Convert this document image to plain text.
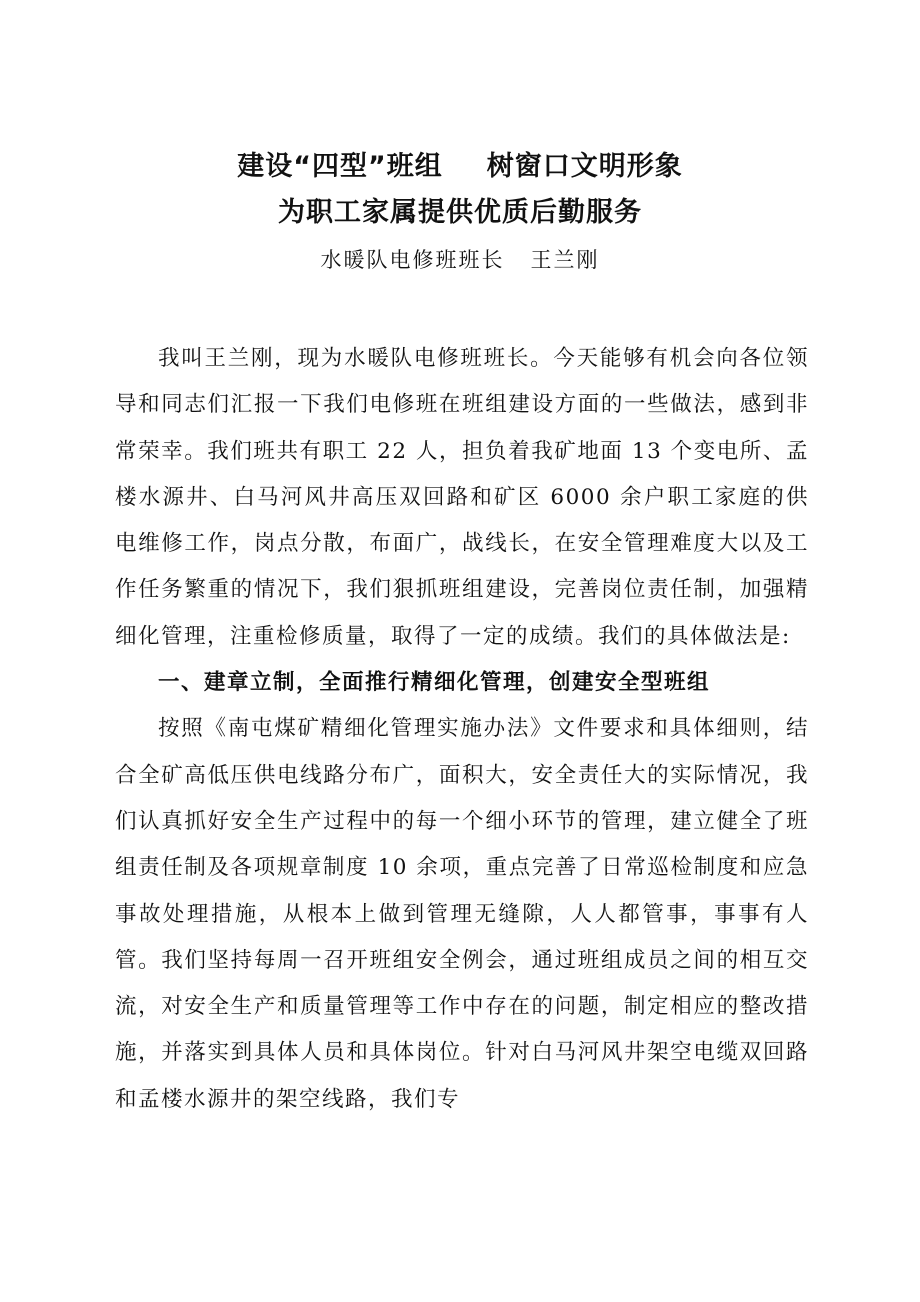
建设“四型”班组 树窗口文明形象
为职工家属提供优质后勤服务
水暖队电修班班长 王兰刚

我叫王兰刚，现为水暖队电修班班长。今天能够有机会向各位领导和同志们汇报一下我们电修班在班组建设方面的一些做法，感到非常荣幸。我们班共有职工 22 人，担负着我矿地面 13 个变电所、孟楼水源井、白马河风井高压双回路和矿区 6000 余户职工家庭的供电维修工作，岗点分散，布面广，战线长，在安全管理难度大以及工作任务繁重的情况下，我们狠抓班组建设，完善岗位责任制，加强精细化管理，注重检修质量，取得了一定的成绩。我们的具体做法是:

一、建章立制，全面推行精细化管理，创建安全型班组

按照《南屯煤矿精细化管理实施办法》文件要求和具体细则，结合全矿高低压供电线路分布广，面积大，安全责任大的实际情况，我们认真抓好安全生产过程中的每一个细小环节的管理，建立健全了班组责任制及各项规章制度 10 余项，重点完善了日常巡检制度和应急事故处理措施，从根本上做到管理无缝隙，人人都管事，事事有人管。我们坚持每周一召开班组安全例会，通过班组成员之间的相互交流，对安全生产和质量管理等工作中存在的问题，制定相应的整改措施，并落实到具体人员和具体岗位。针对白马河风井架空电缆双回路和孟楼水源井的架空线路，我们专
